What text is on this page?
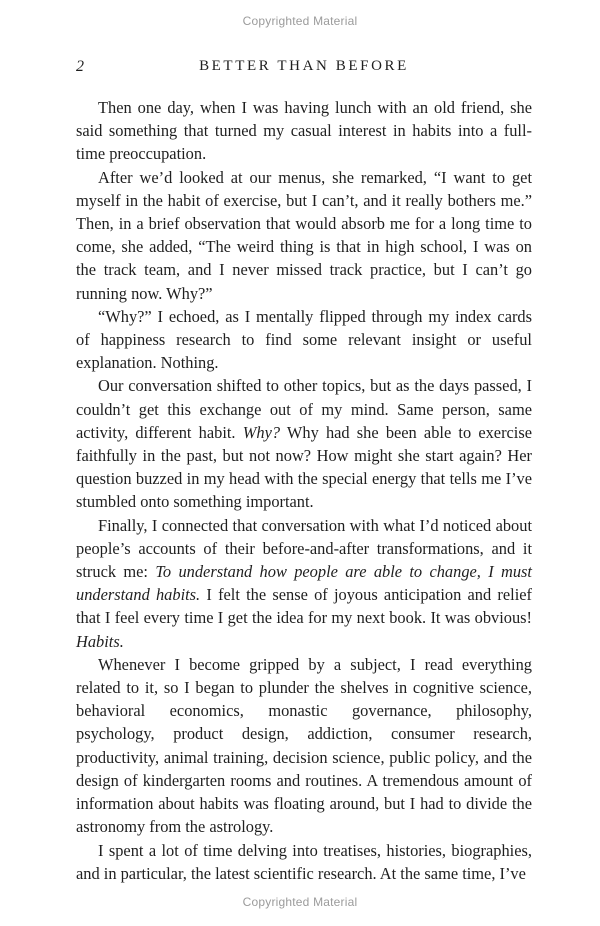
Copyrighted Material
2	BETTER THAN BEFORE

Then one day, when I was having lunch with an old friend, she said something that turned my casual interest in habits into a full-time preoccupation.

After we’d looked at our menus, she remarked, “I want to get myself in the habit of exercise, but I can’t, and it really bothers me.” Then, in a brief observation that would absorb me for a long time to come, she added, “The weird thing is that in high school, I was on the track team, and I never missed track practice, but I can’t go running now. Why?”

“Why?” I echoed, as I mentally flipped through my index cards of happiness research to find some relevant insight or useful explanation. Nothing.

Our conversation shifted to other topics, but as the days passed, I couldn’t get this exchange out of my mind. Same person, same activity, different habit. Why? Why had she been able to exercise faithfully in the past, but not now? How might she start again? Her question buzzed in my head with the special energy that tells me I’ve stumbled onto something important.

Finally, I connected that conversation with what I’d noticed about people’s accounts of their before-and-after transformations, and it struck me: To understand how people are able to change, I must understand habits. I felt the sense of joyous anticipation and relief that I feel every time I get the idea for my next book. It was obvious! Habits.

Whenever I become gripped by a subject, I read everything related to it, so I began to plunder the shelves in cognitive science, behavioral economics, monastic governance, philosophy, psychology, product design, addiction, consumer research, productivity, animal training, decision science, public policy, and the design of kindergarten rooms and routines. A tremendous amount of information about habits was floating around, but I had to divide the astronomy from the astrology.

I spent a lot of time delving into treatises, histories, biographies, and in particular, the latest scientific research. At the same time, I’ve

Copyrighted Material
